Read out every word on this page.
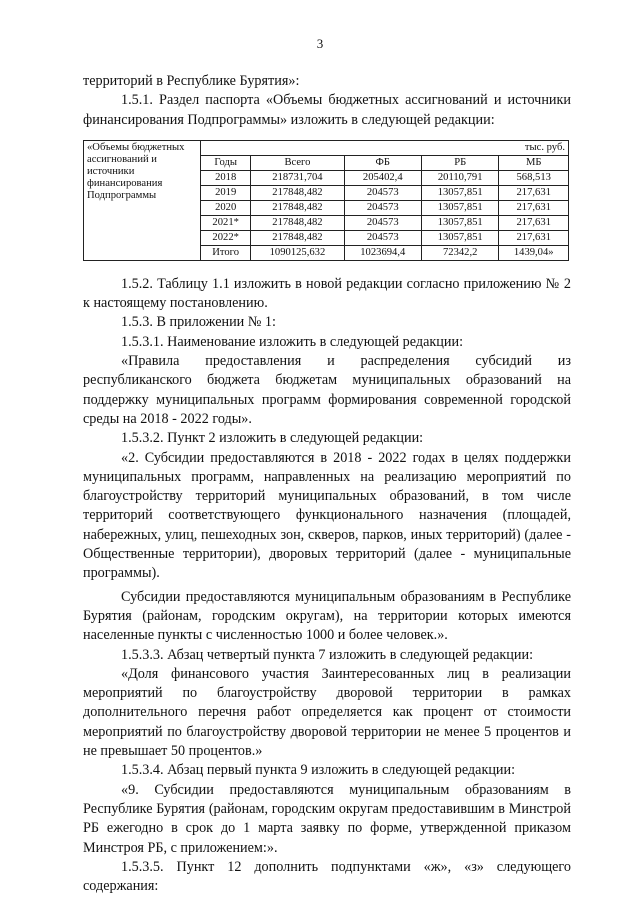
3

территорий в Республике Бурятия»:

1.5.1. Раздел паспорта «Объемы бюджетных ассигнований и источники финансирования Подпрограммы» изложить в следующей редакции:

«Объемы бюджетных ассигнований и источники финансирования Подпрограммы	тыс. руб.				
	Годы	Всего	ФБ	РБ	МБ
	2018	218731,704	205402,4	20110,791	568,513
	2019	217848,482	204573	13057,851	217,631
	2020	217848,482	204573	13057,851	217,631
	2021*	217848,482	204573	13057,851	217,631
	2022*	217848,482	204573	13057,851	217,631
	Итого	1090125,632	1023694,4	72342,2	1439,04»

1.5.2. Таблицу 1.1 изложить в новой редакции согласно приложению № 2 к настоящему постановлению.

1.5.3. В приложении № 1:

1.5.3.1. Наименование изложить в следующей редакции:

«Правила предоставления и распределения субсидий из республиканского бюджета бюджетам муниципальных образований на поддержку муниципальных программ формирования современной городской среды на 2018 - 2022 годы».

1.5.3.2. Пункт 2 изложить в следующей редакции:

«2. Субсидии предоставляются в 2018 - 2022 годах в целях поддержки муниципальных программ, направленных на реализацию мероприятий по благоустройству территорий муниципальных образований, в том числе территорий соответствующего функционального назначения (площадей, набережных, улиц, пешеходных зон, скверов, парков, иных территорий) (далее - Общественные территории), дворовых территорий (далее - муниципальные программы).

Субсидии предоставляются муниципальным образованиям в Республике Бурятия (районам, городским округам), на территории которых имеются населенные пункты с численностью 1000 и более человек.».

1.5.3.3. Абзац четвертый пункта 7 изложить в следующей редакции:

«Доля финансового участия Заинтересованных лиц в реализации мероприятий по благоустройству дворовой территории в рамках дополнительного перечня работ определяется как процент от стоимости мероприятий по благоустройству дворовой территории не менее 5 процентов и не превышает 50 процентов.»

1.5.3.4. Абзац первый пункта 9 изложить в следующей редакции:

«9. Субсидии предоставляются муниципальным образованиям в Республике Бурятия (районам, городским округам предоставившим в Минстрой РБ ежегодно в срок до 1 марта заявку по форме, утвержденной приказом Минстроя РБ, с приложением:».

1.5.3.5. Пункт 12 дополнить подпунктами «ж», «з» следующего содержания:
